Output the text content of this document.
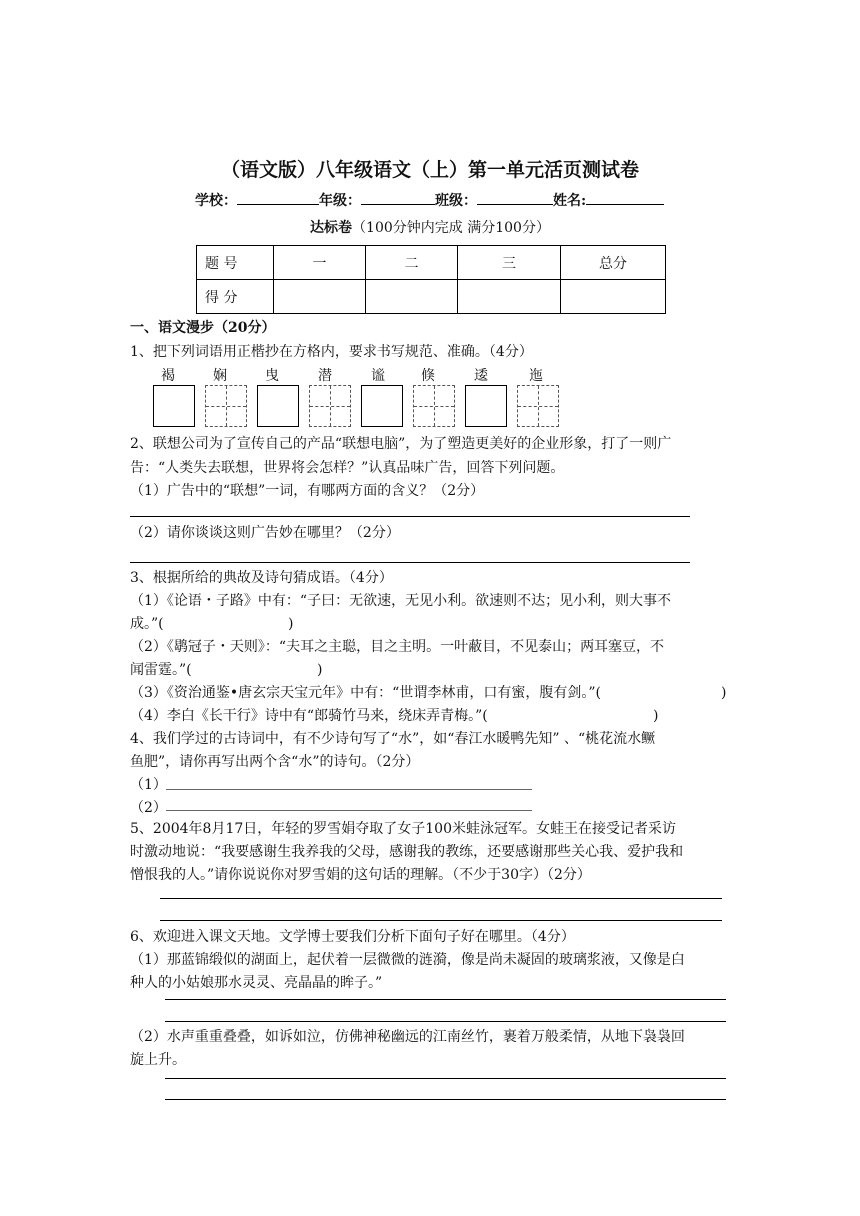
（语文版）八年级语文（上）第一单元活页测试卷
学校：	年级：	班级：	姓名:
达标卷（100分钟内完成 满分100分）
题 号	一	二	三	总分
得 分				
一、语文漫步（20分）
1、把下列词语用正楷抄在方格内，要求书写规范、准确。（4分）
褐	娴	曳	潜	谧	倏	逶	迤
2、联想公司为了宣传自己的产品“联想电脑”，为了塑造更美好的企业形象，打了一则广
告：“人类失去联想，世界将会怎样？”认真品味广告，回答下列问题。
（1）广告中的“联想”一词，有哪两方面的含义？（2分）
（2）请你谈谈这则广告妙在哪里？（2分）
3、根据所给的典故及诗句猜成语。（4分）
（1）《论语・子路》中有：“子曰：无欲速，无见小利。欲速则不达；见小利，则大事不
成。”(	)
（2）《鹖冠子・天则》：“夫耳之主聪，目之主明。一叶蔽目，不见泰山；两耳塞豆，不
闻雷霆。”(	)
（3）《资治通鉴•唐玄宗天宝元年》中有：“世谓李林甫，口有蜜，腹有剑。”(	)
（4）李白《长干行》诗中有“郎骑竹马来，绕床弄青梅。”(	)
4、我们学过的古诗词中，有不少诗句写了“水”，如“春江水暖鸭先知” 、“桃花流水鳜
鱼肥”，请你再写出两个含“水”的诗句。（2分）
（1）
（2）
5、2004年8月17日，年轻的罗雪娟夺取了女子100米蛙泳冠军。女蛙王在接受记者采访
时激动地说：“我要感谢生我养我的父母，感谢我的教练，还要感谢那些关心我、爱护我和
憎恨我的人。”请你说说你对罗雪娟的这句话的理解。（不少于30字）（2分）
6、欢迎进入课文天地。文学博士要我们分析下面句子好在哪里。（4分）
（1）那蓝锦缎似的湖面上，起伏着一层微微的涟漪，像是尚未凝固的玻璃浆液，又像是白
种人的小姑娘那水灵灵、亮晶晶的眸子。”
（2）水声重重叠叠，如诉如泣，仿佛神秘幽远的江南丝竹，裹着万般柔情，从地下袅袅回
旋上升。
